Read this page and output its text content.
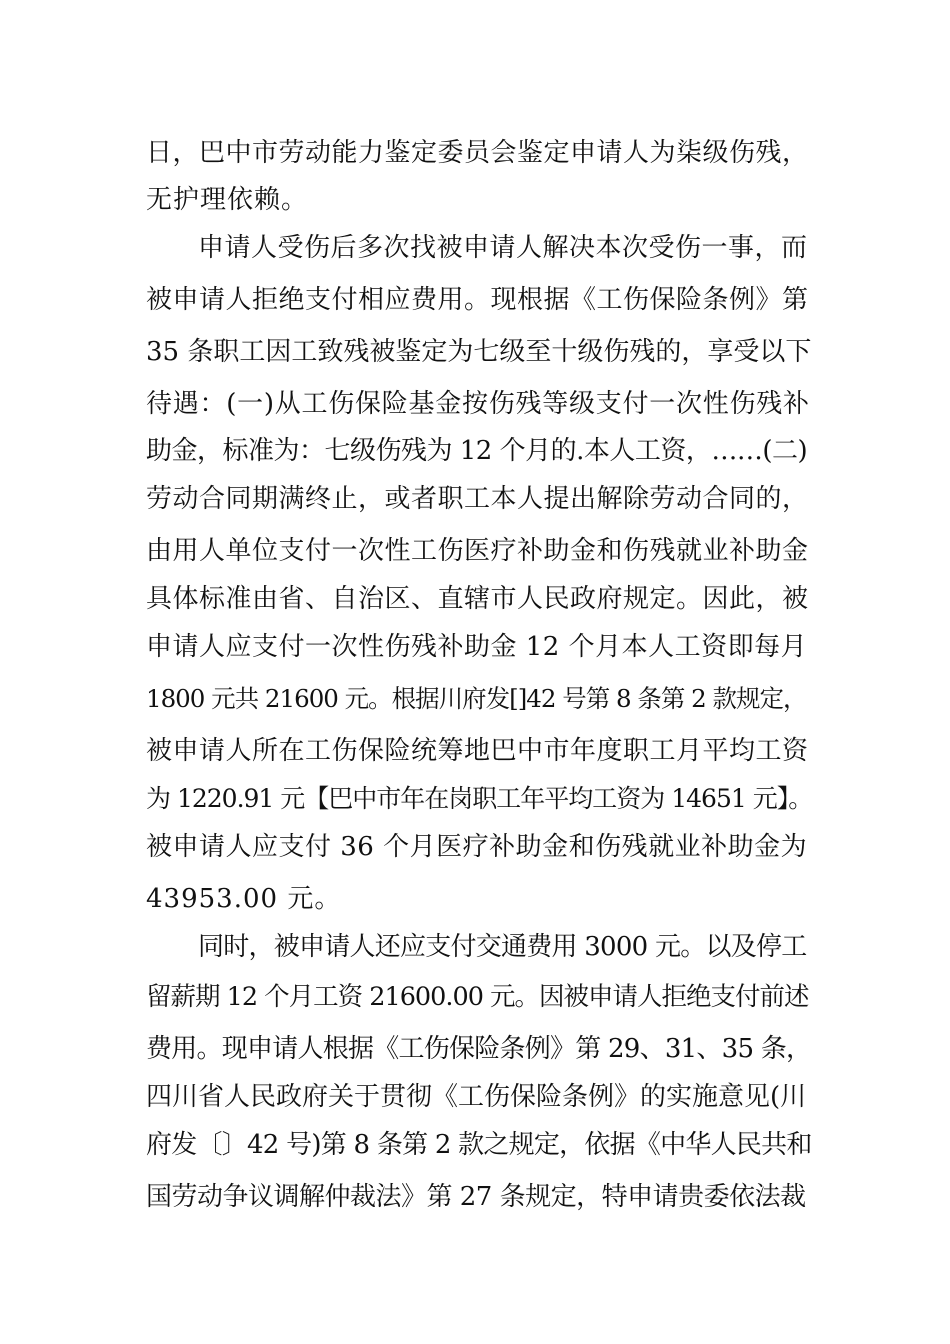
日，巴中市劳动能力鉴定委员会鉴定申请人为柒级伤残，
无护理依赖。
申请人受伤后多次找被申请人解决本次受伤一事，而
被申请人拒绝支付相应费用。现根据《工伤保险条例》第
35 条职工因工致残被鉴定为七级至十级伤残的，享受以下
待遇：(一)从工伤保险基金按伤残等级支付一次性伤残补
助金，标准为：七级伤残为 12 个月的.本人工资，……(二)
劳动合同期满终止，或者职工本人提出解除劳动合同的，
由用人单位支付一次性工伤医疗补助金和伤残就业补助金
具体标准由省、自治区、直辖市人民政府规定。因此，被
申请人应支付一次性伤残补助金 12 个月本人工资即每月
1800 元共 21600 元。根据川府发[]42 号第 8 条第 2 款规定，
被申请人所在工伤保险统筹地巴中市年度职工月平均工资
为 1220.91 元【巴中市年在岗职工年平均工资为 14651 元】。
被申请人应支付 36 个月医疗补助金和伤残就业补助金为
43953.00 元。
同时，被申请人还应支付交通费用 3000 元。以及停工
留薪期 12 个月工资 21600.00 元。因被申请人拒绝支付前述
费用。现申请人根据《工伤保险条例》第 29、31、35 条，
四川省人民政府关于贯彻《工伤保险条例》的实施意见(川
府发〔〕42 号)第 8 条第 2 款之规定，依据《中华人民共和
国劳动争议调解仲裁法》第 27 条规定，特申请贵委依法裁
